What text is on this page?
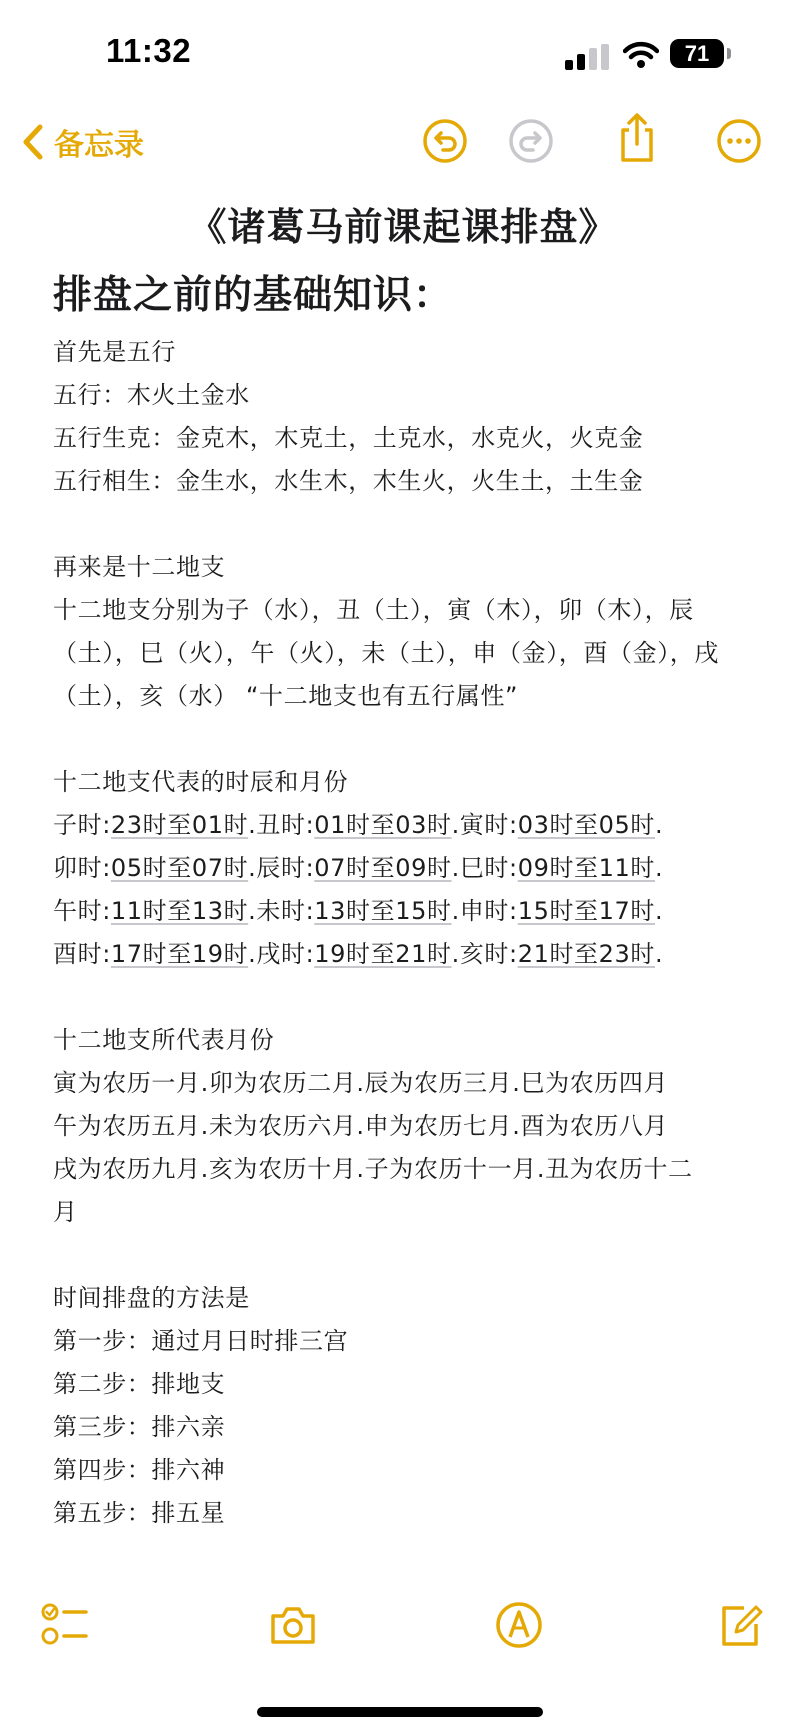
11:32	71
备忘录
《诸葛马前课起课排盘》
排盘之前的基础知识：
首先是五行
五行：木火土金水
五行生克：金克木，木克土，土克水，水克火，火克金
五行相生：金生水，水生木，木生火，火生土，土生金
再来是十二地支
十二地支分别为子（水），丑（土），寅（木），卯（木），辰
（土），巳（火），午（火），未（土），申（金），酉（金），戌
（土），亥（水） “十二地支也有五行属性”
十二地支代表的时辰和月份
子时:23时至01时.丑时:01时至03时.寅时:03时至05时.
卯时:05时至07时.辰时:07时至09时.巳时:09时至11时.
午时:11时至13时.未时:13时至15时.申时:15时至17时.
酉时:17时至19时.戌时:19时至21时.亥时:21时至23时.
十二地支所代表月份
寅为农历一月.卯为农历二月.辰为农历三月.巳为农历四月
午为农历五月.未为农历六月.申为农历七月.酉为农历八月
戌为农历九月.亥为农历十月.子为农历十一月.丑为农历十二
月
时间排盘的方法是
第一步：通过月日时排三宫
第二步：排地支
第三步：排六亲
第四步：排六神
第五步：排五星
